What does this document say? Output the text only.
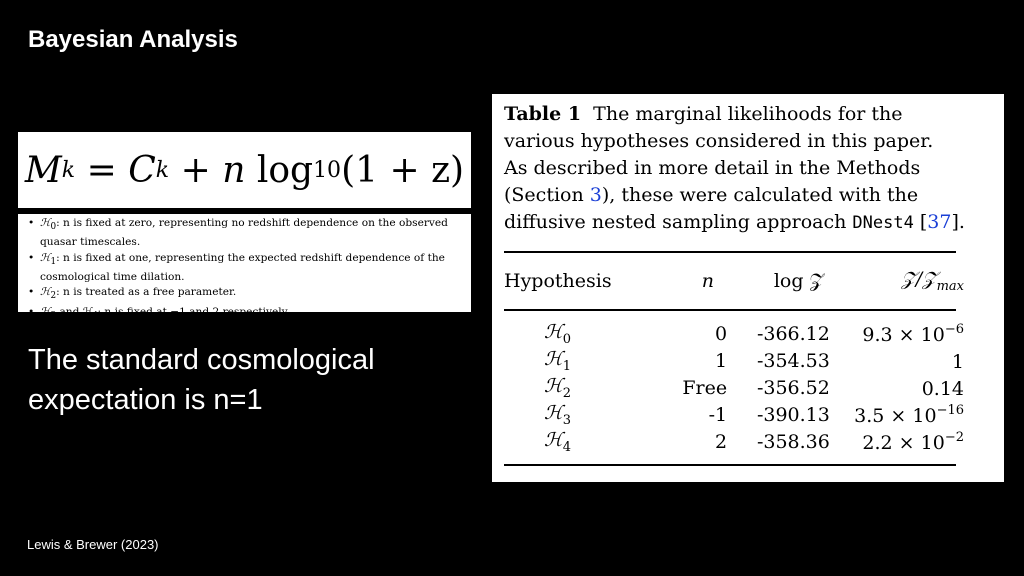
Bayesian Analysis
M k
=
C k
+
n
log 10 (1 + z)
• ℋ$_0$: n is fixed at zero, representing no redshift dependence on the observed quasar timescales.
• ℋ$_1$: n is fixed at one, representing the expected redshift dependence of the cosmological time dilation.
• ℋ$_2$: n is treated as a free parameter.
• ℋ$_3$ and ℋ₄: n is fixed at −1 and 2 respectively.
The standard cosmological
expectation is n=1
Lewis & Brewer (2023)
Table 1 The marginal likelihoods for the
various hypotheses considered in this paper.
As described in more detail in the Methods
(Section 3), these were calculated with the
diffusive nested sampling approach DNest4 [37].
Hypothesis	n	log 𝒵	𝒵/𝒵$_{max}$
ℋ$_0$	0	-366.12	$9.3 \times 10^{-6}$
ℋ$_1$	1	-354.53	1
ℋ$_2$	Free	-356.52	0.14
ℋ$_3$	-1	-390.13	$3.5 \times 10^{-16}$
ℋ$_4$	2	-358.36	$2.2 \times 10^{-2}$
